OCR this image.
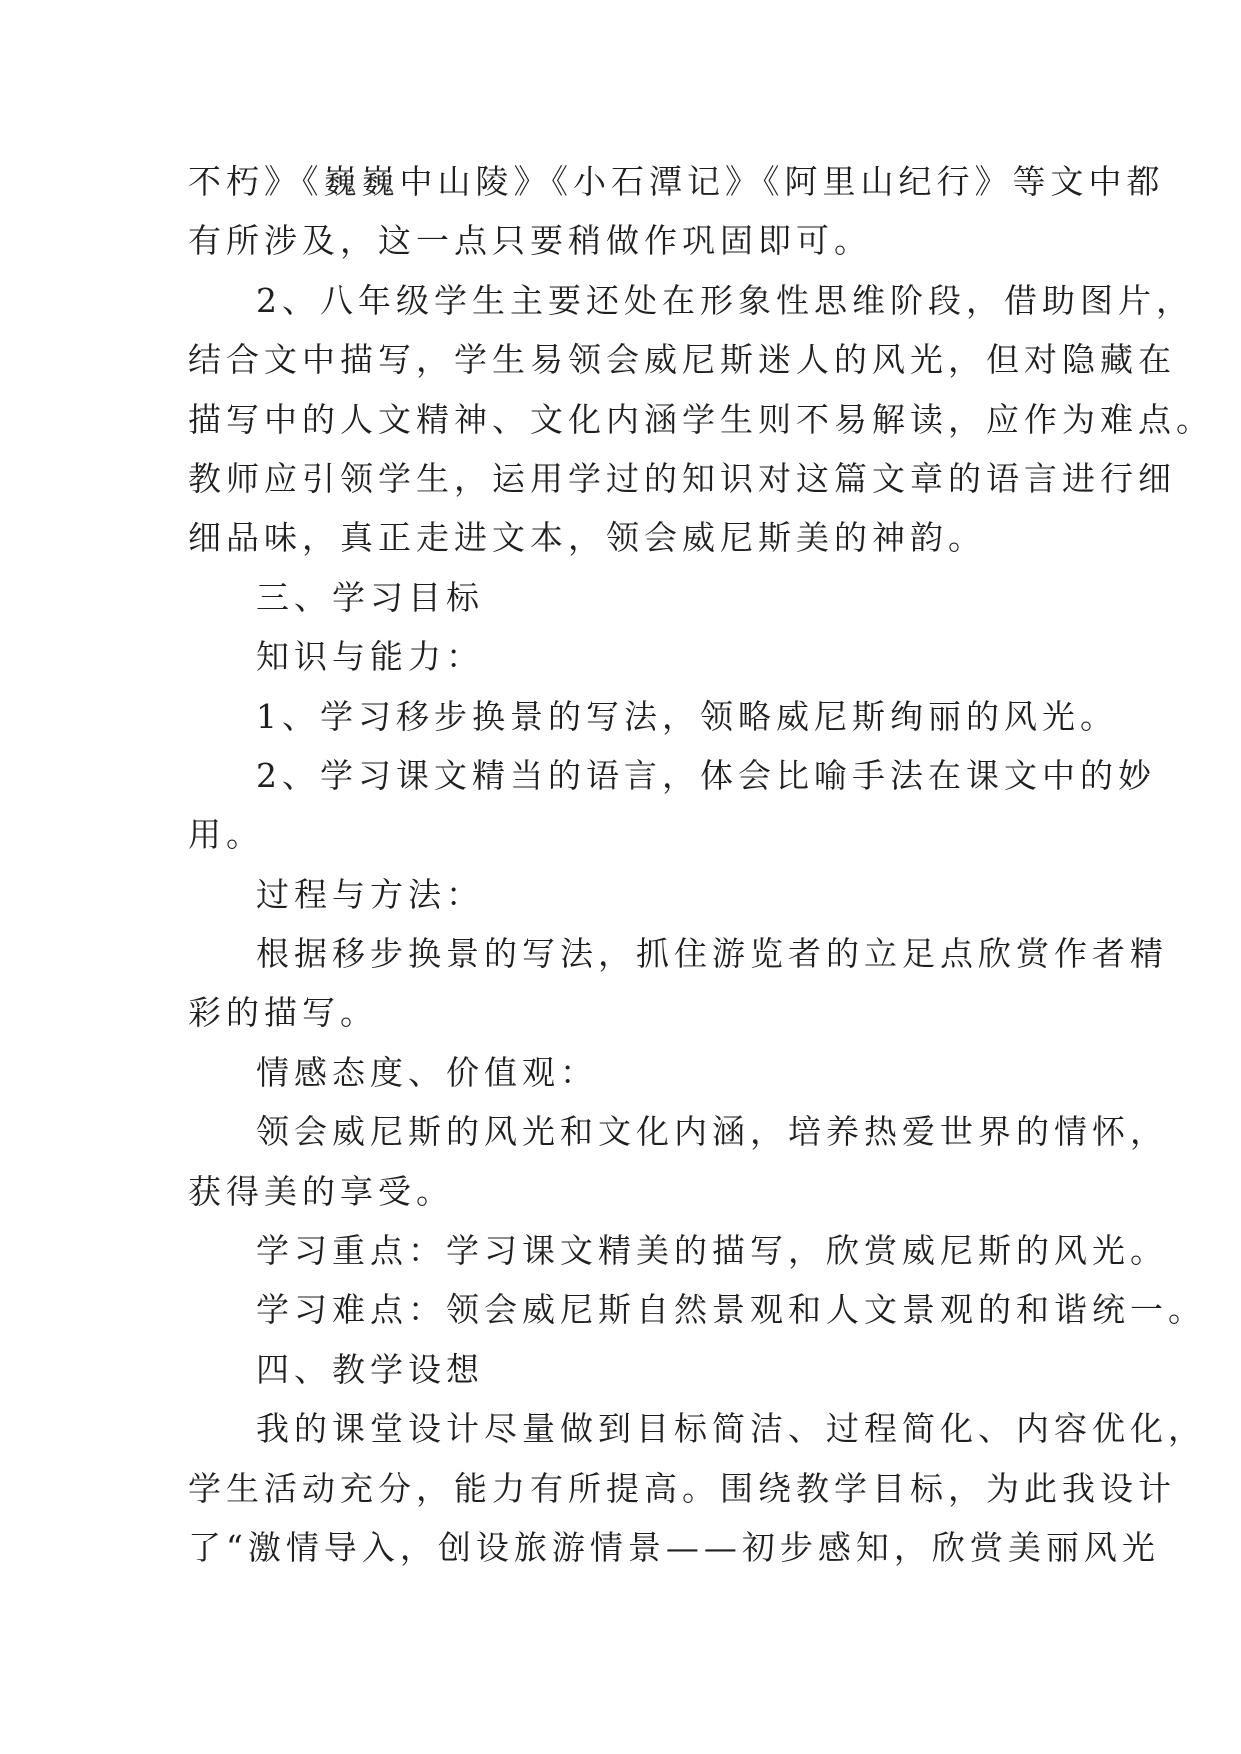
不朽》《巍巍中山陵》《小石潭记》《阿里山纪行》等文中都
有所涉及，这一点只要稍做作巩固即可。
2、八年级学生主要还处在形象性思维阶段，借助图片，
结合文中描写，学生易领会威尼斯迷人的风光，但对隐藏在
描写中的人文精神、文化内涵学生则不易解读，应作为难点。
教师应引领学生，运用学过的知识对这篇文章的语言进行细
细品味，真正走进文本，领会威尼斯美的神韵。
三、学习目标
知识与能力：
1、学习移步换景的写法，领略威尼斯绚丽的风光。
2、学习课文精当的语言，体会比喻手法在课文中的妙
用。
过程与方法：
根据移步换景的写法，抓住游览者的立足点欣赏作者精
彩的描写。
情感态度、价值观：
领会威尼斯的风光和文化内涵，培养热爱世界的情怀，
获得美的享受。
学习重点：学习课文精美的描写，欣赏威尼斯的风光。
学习难点：领会威尼斯自然景观和人文景观的和谐统一。
四、教学设想
我的课堂设计尽量做到目标简洁、过程简化、内容优化，
学生活动充分，能力有所提高。围绕教学目标，为此我设计
了“激情导入，创设旅游情景——初步感知，欣赏美丽风光
